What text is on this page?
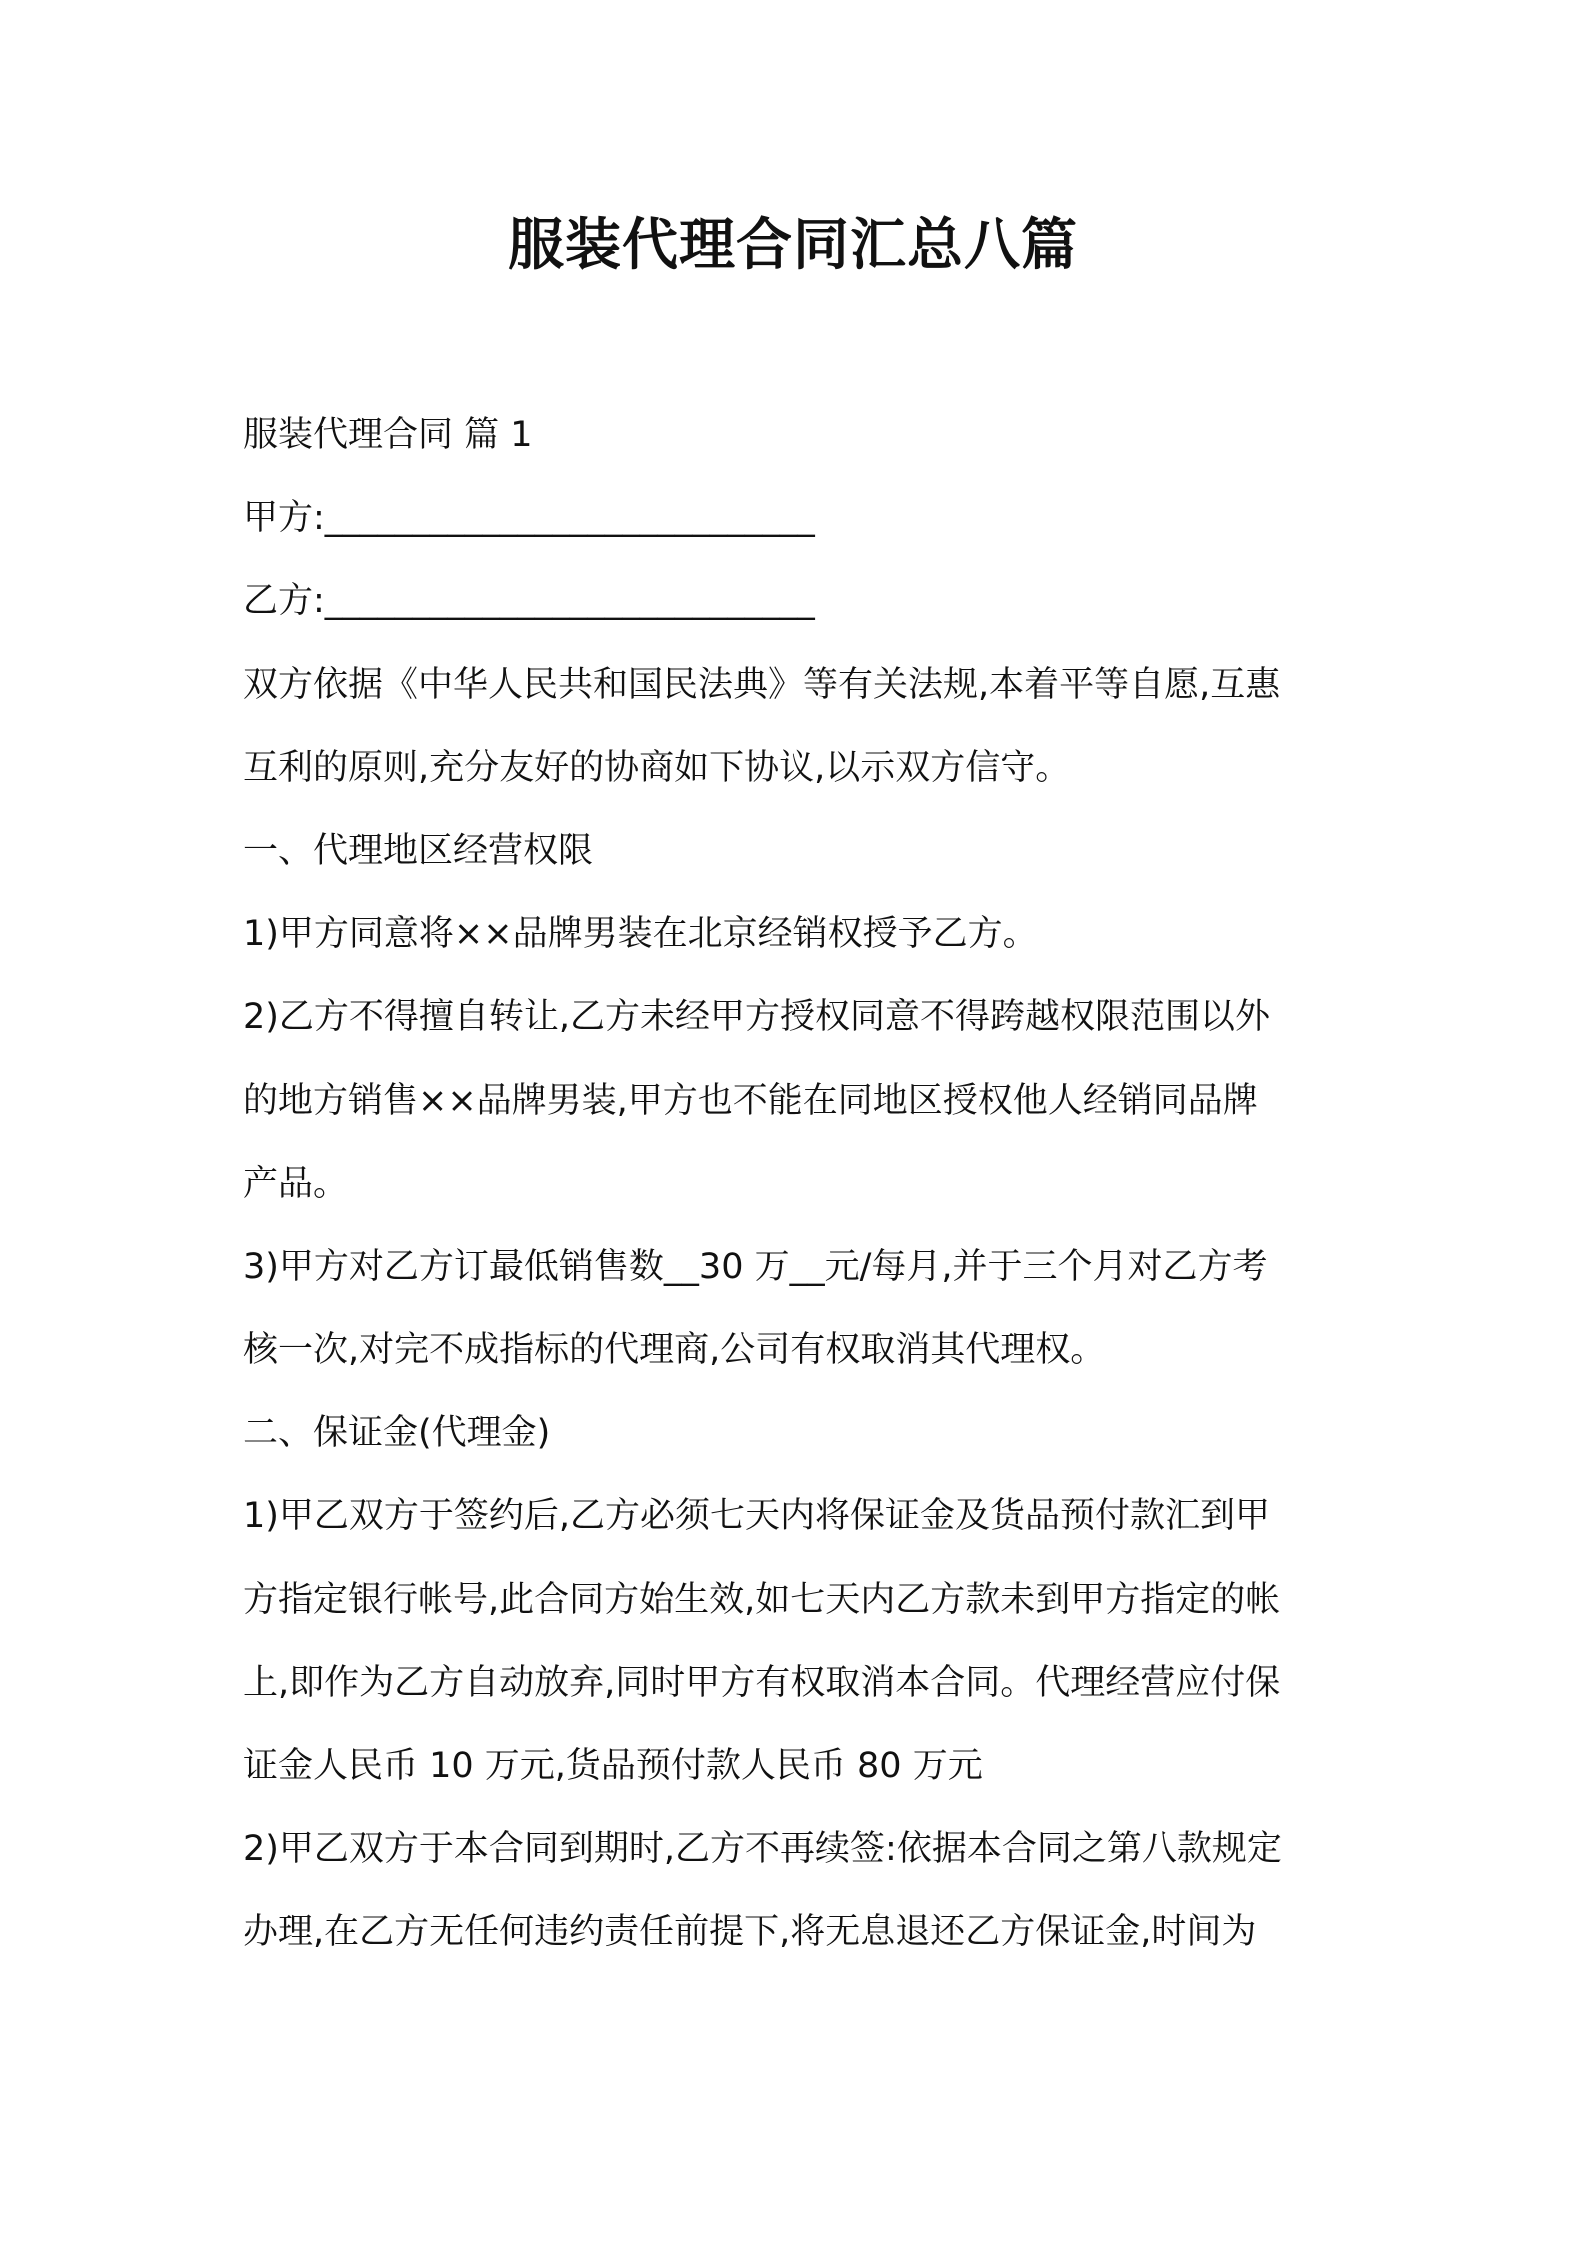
服装代理合同汇总八篇

服装代理合同 篇 1

甲方:____________________________

乙方:____________________________

双方依据《中华人民共和国民法典》等有关法规,本着平等自愿,互惠

互利的原则,充分友好的协商如下协议,以示双方信守。

一、代理地区经营权限

1)甲方同意将××品牌男装在北京经销权授予乙方。

2)乙方不得擅自转让,乙方未经甲方授权同意不得跨越权限范围以外

的地方销售××品牌男装,甲方也不能在同地区授权他人经销同品牌

产品。

3)甲方对乙方订最低销售数__30 万__元/每月,并于三个月对乙方考

核一次,对完不成指标的代理商,公司有权取消其代理权。

二、保证金(代理金)

1)甲乙双方于签约后,乙方必须七天内将保证金及货品预付款汇到甲

方指定银行帐号,此合同方始生效,如七天内乙方款未到甲方指定的帐

上,即作为乙方自动放弃,同时甲方有权取消本合同。代理经营应付保

证金人民币 10 万元,货品预付款人民币 80 万元

2)甲乙双方于本合同到期时,乙方不再续签:依据本合同之第八款规定

办理,在乙方无任何违约责任前提下,将无息退还乙方保证金,时间为
